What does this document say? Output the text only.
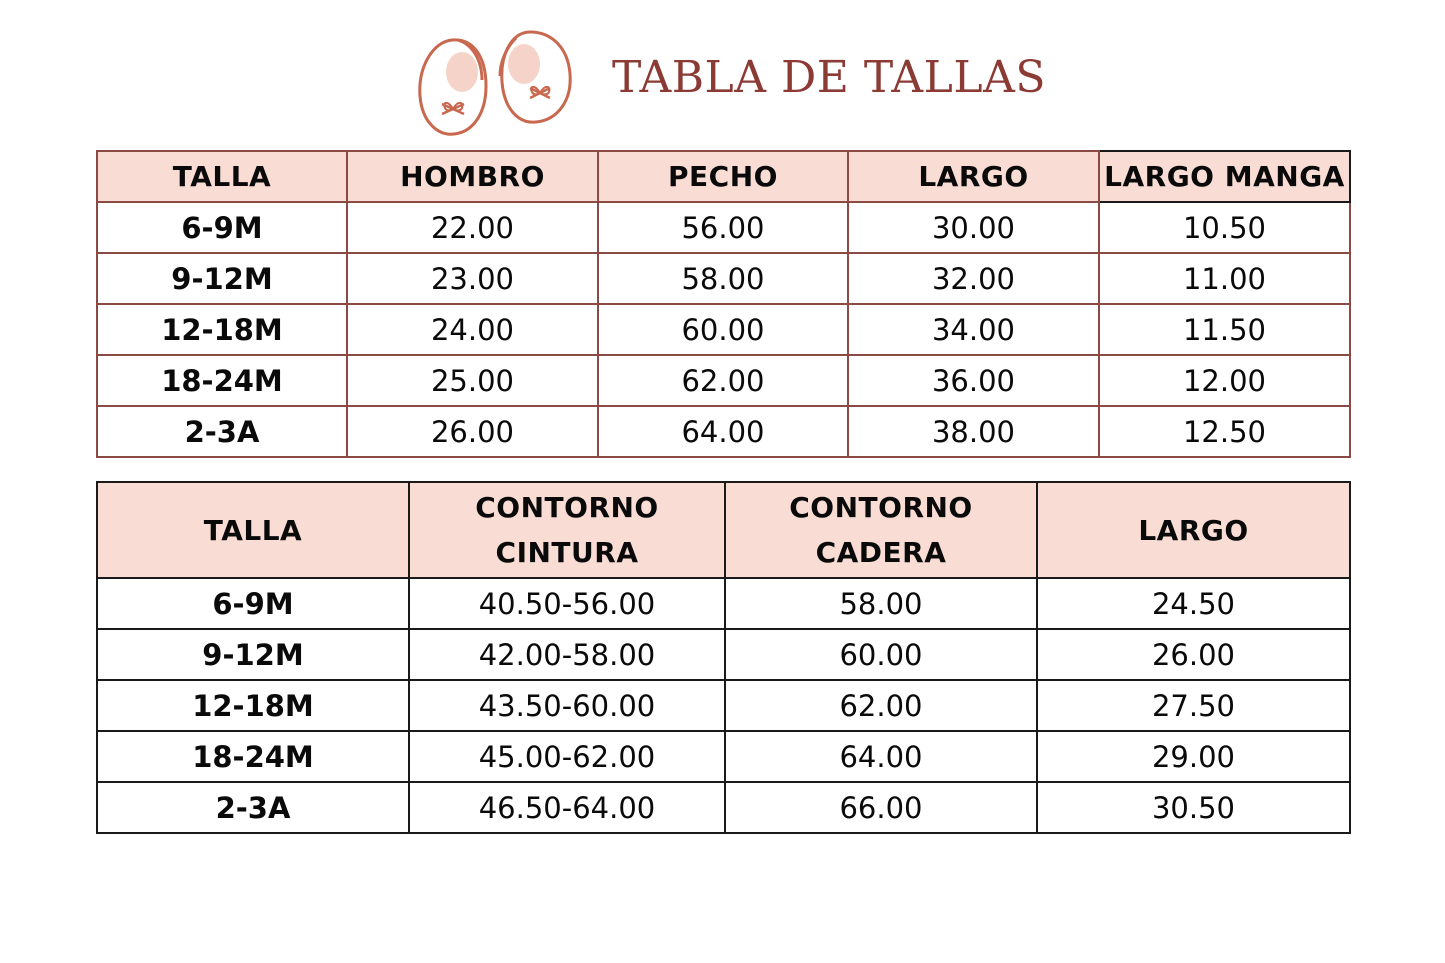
TABLA DE TALLAS
TALLA	HOMBRO	PECHO	LARGO	LARGO MANGA
6-9M	22.00	56.00	30.00	10.50
9-12M	23.00	58.00	32.00	11.00
12-18M	24.00	60.00	34.00	11.50
18-24M	25.00	62.00	36.00	12.00
2-3A	26.00	64.00	38.00	12.50
TALLA	CONTORNO CINTURA	CONTORNO CADERA	LARGO
6-9M	40.50-56.00	58.00	24.50
9-12M	42.00-58.00	60.00	26.00
12-18M	43.50-60.00	62.00	27.50
18-24M	45.00-62.00	64.00	29.00
2-3A	46.50-64.00	66.00	30.50
